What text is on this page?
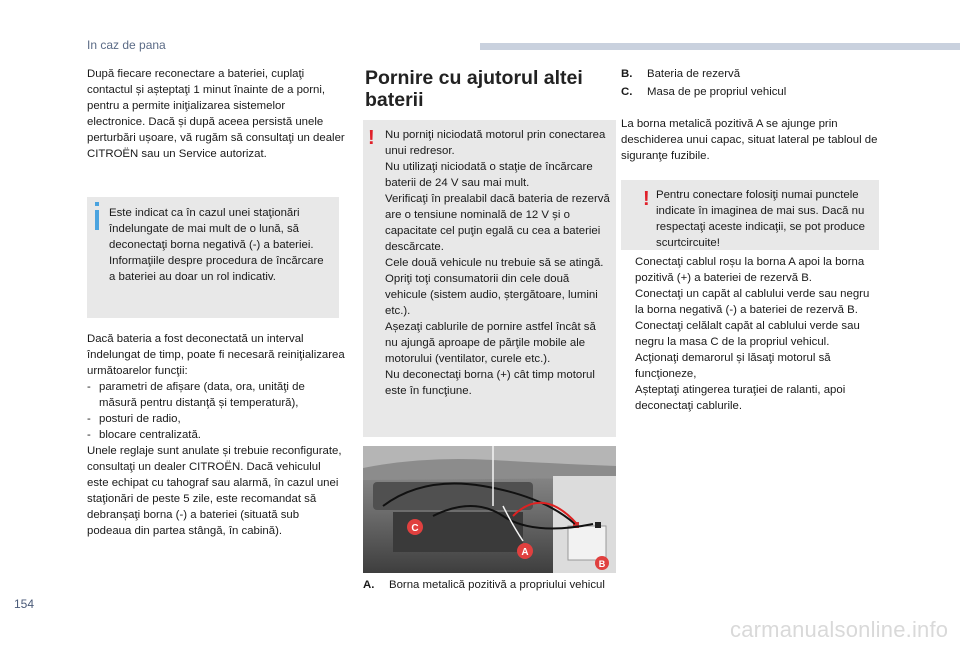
In caz de pana

După fiecare reconectare a bateriei, cuplaţi contactul și așteptaţi 1 minut înainte de a porni, pentru a permite iniţializarea sistemelor electronice. Dacă și după aceea persistă unele perturbări ușoare, vă rugăm să consultaţi un dealer CITROËN sau un Service autorizat.

Este indicat ca în cazul unei staţionări îndelungate de mai mult de o lună, să deconectaţi borna negativă (-) a bateriei. Informaţiile despre procedura de încărcare a bateriei au doar un rol indicativ.

Dacă bateria a fost deconectată un interval îndelungat de timp, poate fi necesară reiniţializarea următoarelor funcţii:

- parametri de afișare (data, ora, unităţi de măsură pentru distanţă și temperatură),
- posturi de radio,
- blocare centralizată.

Unele reglaje sunt anulate și trebuie reconfigurate, consultaţi un dealer CITROËN. Dacă vehiculul este echipat cu tahograf sau alarmă, în cazul unei staţionări de peste 5 zile, este recomandat să debranșaţi borna (-) a bateriei (situată sub podeaua din partea stângă, în cabină).

Pornire cu ajutorul altei baterii
! Nu porniţi niciodată motorul prin conectarea unui redresor.

Nu utilizaţi niciodată o staţie de încărcare baterii de 24 V sau mai mult.

Verificaţi în prealabil dacă bateria de rezervă are o tensiune nominală de 12 V și o capacitate cel puţin egală cu cea a bateriei descărcate.

Cele două vehicule nu trebuie să se atingă.

Opriţi toţi consumatorii din cele două vehicule (sistem audio, ștergătoare, lumini etc.).

Așezaţi cablurile de pornire astfel încât să nu ajungă aproape de părţile mobile ale motorului (ventilator, curele etc.).

Nu deconectaţi borna (+) cât timp motorul este în funcţiune.

C
A
B
A.	Borna metalică pozitivă a propriului vehicul
B.	Bateria de rezervă
C.	Masa de pe propriul vehicul

La borna metalică pozitivă A se ajunge prin deschiderea unui capac, situat lateral pe tabloul de siguranţe fuzibile.

! Pentru conectare folosiţi numai punctele indicate în imaginea de mai sus. Dacă nu respectaţi aceste indicaţii, se pot produce scurtcircuite!

Conectaţi cablul roșu la borna A apoi la borna pozitivă (+) a bateriei de rezervă B.
Conectaţi un capăt al cablului verde sau negru la borna negativă (-) a bateriei de rezervă B.
Conectaţi celălalt capăt al cablului verde sau negru la masa C de la propriul vehicul.
Acţionaţi demarorul și lăsaţi motorul să funcţioneze,
Așteptaţi atingerea turaţiei de ralanti, apoi deconectaţi cablurile.
154
carmanualsonline.info
